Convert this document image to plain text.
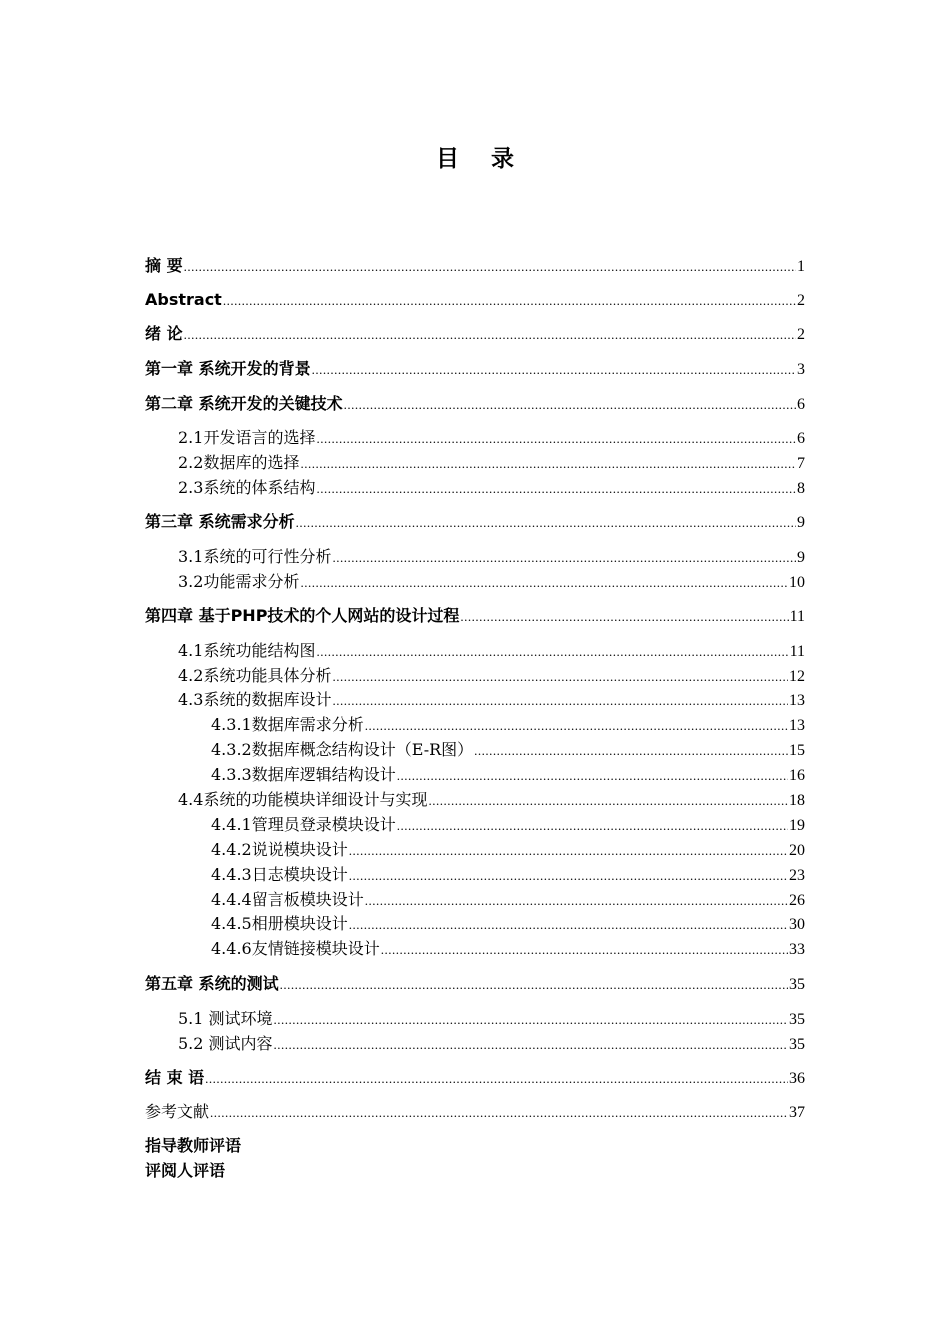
目 录
摘 要 .....	1
Abstract .....	2
绪 论 .....	2
第一章 系统开发的背景 .....	3
第二章 系统开发的关键技术 .....	6
2.1开发语言的选择 .....	6
2.2数据库的选择 .....	7
2.3系统的体系结构 .....	8
第三章 系统需求分析 .....	9
3.1系统的可行性分析 .....	9
3.2功能需求分析 .....	10
第四章 基于PHP技术的个人网站的设计过程 .....	11
4.1系统功能结构图 .....	11
4.2系统功能具体分析 .....	12
4.3系统的数据库设计 .....	13
4.3.1数据库需求分析 .....	13
4.3.2数据库概念结构设计（E-R图） .....	15
4.3.3数据库逻辑结构设计 .....	16
4.4系统的功能模块详细设计与实现 .....	18
4.4.1管理员登录模块设计 .....	19
4.4.2说说模块设计 .....	20
4.4.3日志模块设计 .....	23
4.4.4留言板模块设计 .....	26
4.4.5相册模块设计 .....	30
4.4.6友情链接模块设计 .....	33
第五章 系统的测试 .....	35
5.1 测试环境 .....	35
5.2 测试内容 .....	35
结 束 语 .....	36
参考文献 .....	37
指导教师评语
评阅人评语
